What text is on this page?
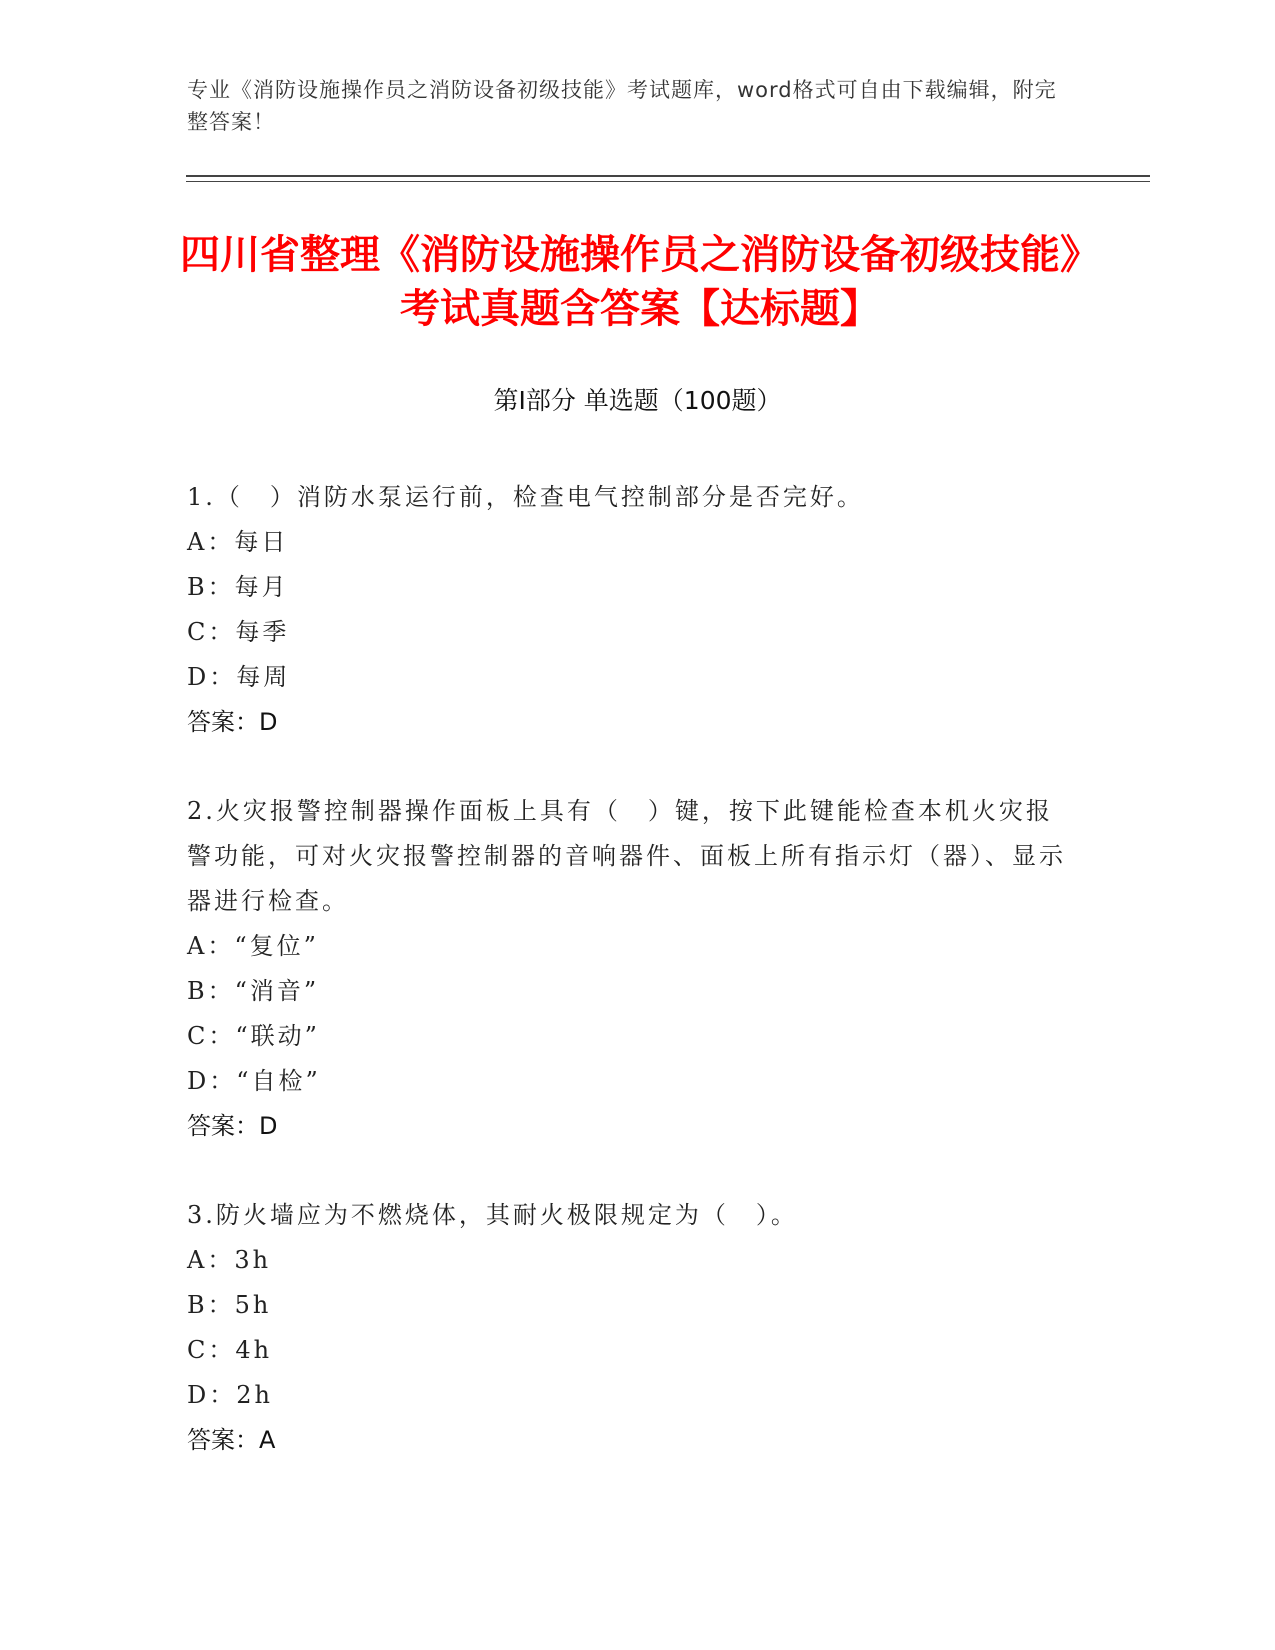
专业《消防设施操作员之消防设备初级技能》考试题库，word格式可自由下载编辑，附完整答案！
四川省整理《消防设施操作员之消防设备初级技能》考试真题含答案【达标题】
第I部分 单选题（100题）
1.（　）消防水泵运行前，检查电气控制部分是否完好。
A：每日
B：每月
C：每季
D：每周
答案：D
2.火灾报警控制器操作面板上具有（　）键，按下此键能检查本机火灾报警功能，可对火灾报警控制器的音响器件、面板上所有指示灯（器）、显示器进行检查。
A：“复位”
B：“消音”
C：“联动”
D：“自检”
答案：D
3.防火墙应为不燃烧体，其耐火极限规定为（　）。
A：3h
B：5h
C：4h
D：2h
答案：A
